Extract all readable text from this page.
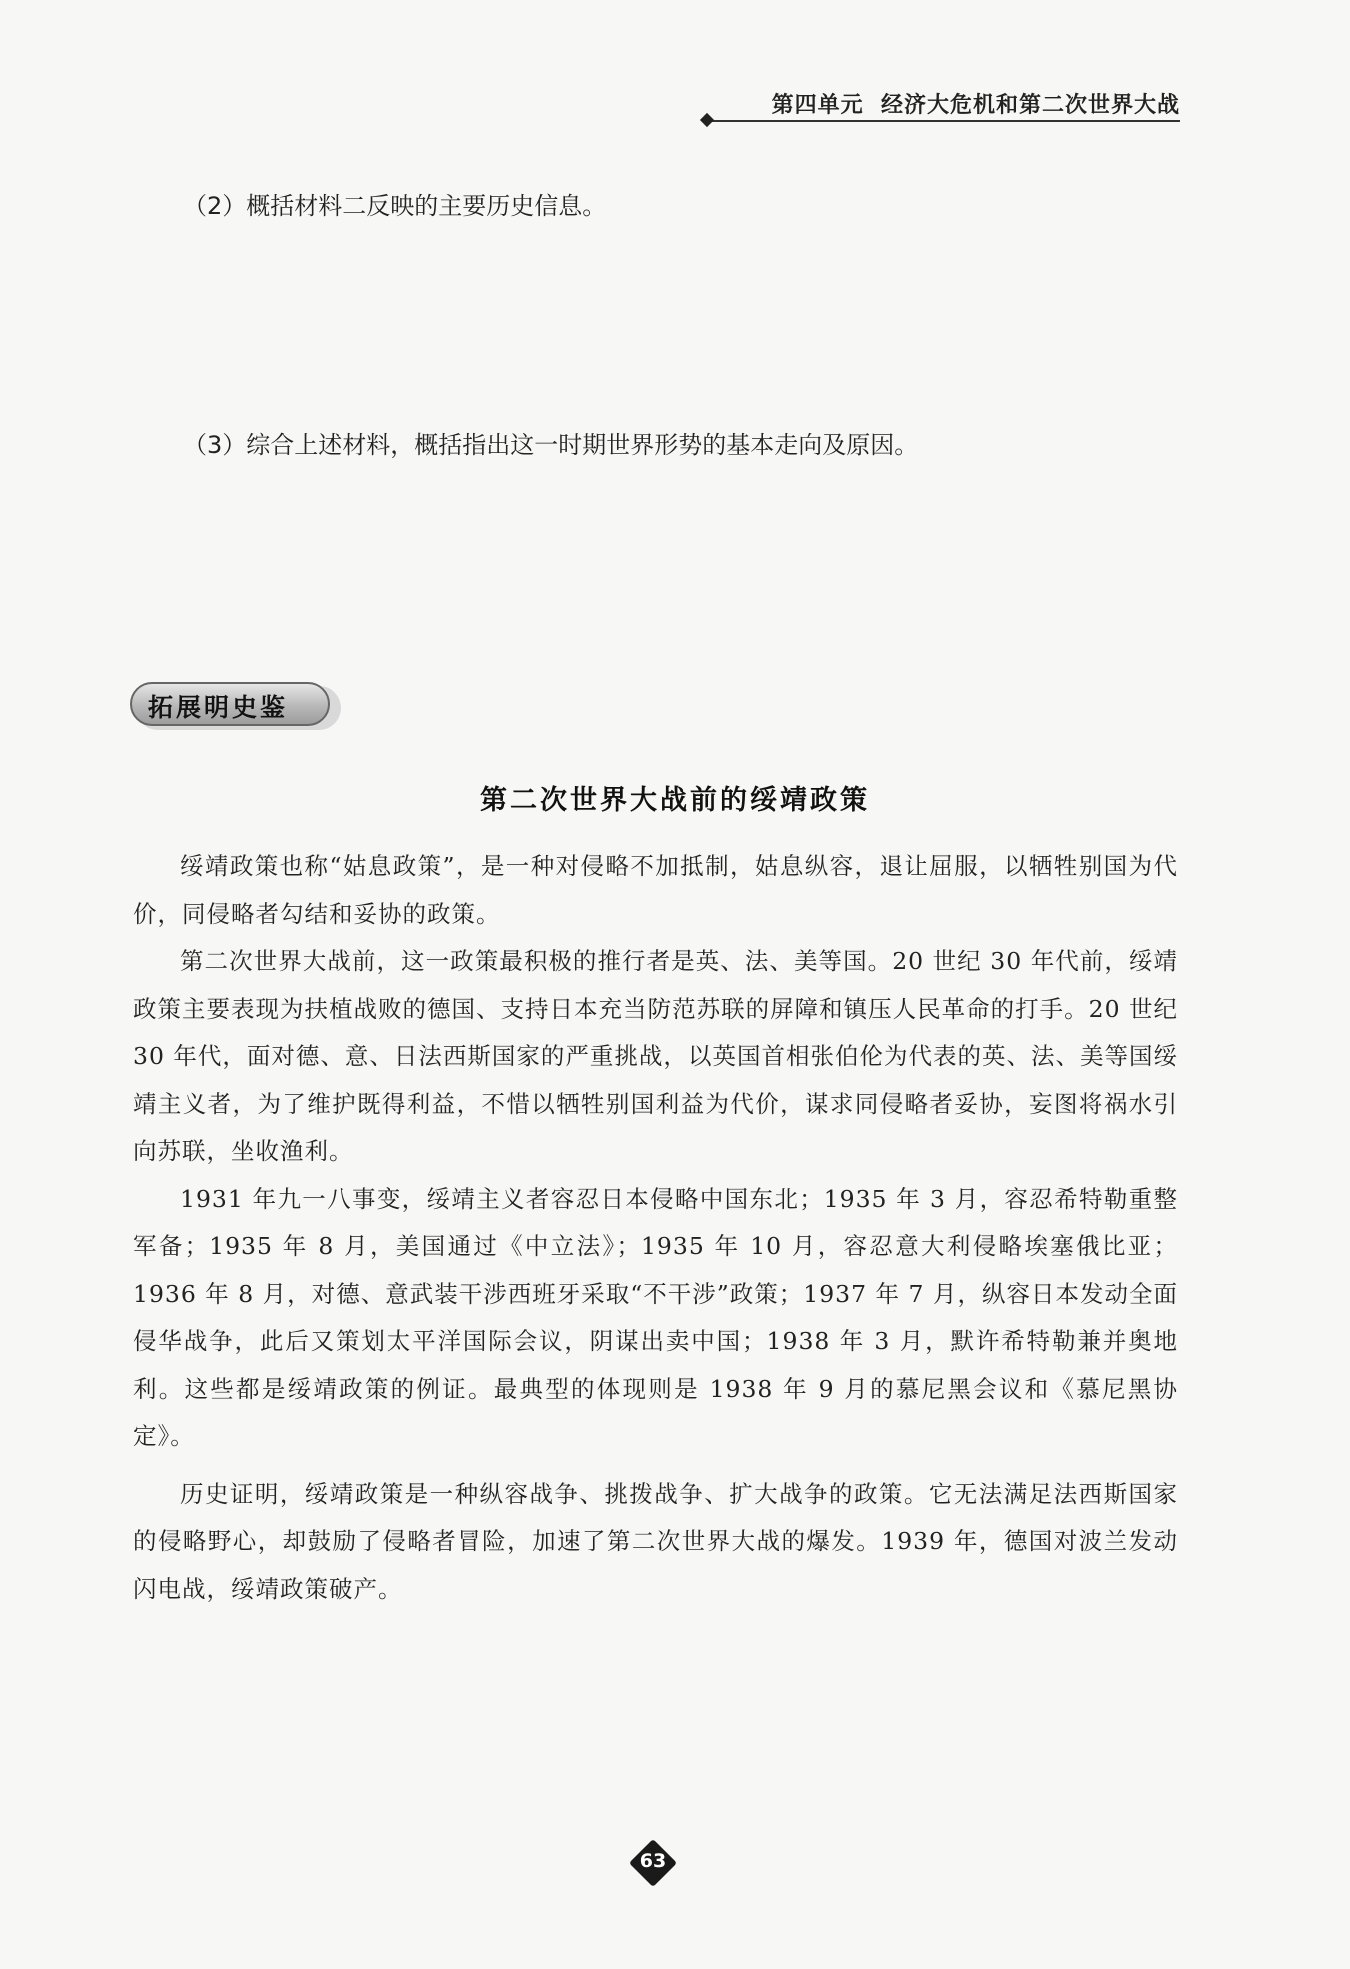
第四单元 经济大危机和第二次世界大战
（2）概括材料二反映的主要历史信息。
（3）综合上述材料，概括指出这一时期世界形势的基本走向及原因。
拓展明史鉴
第二次世界大战前的绥靖政策

绥靖政策也称“姑息政策”，是一种对侵略不加抵制，姑息纵容，退让屈服，以牺牲别国为代价，同侵略者勾结和妥协的政策。

第二次世界大战前，这一政策最积极的推行者是英、法、美等国。20 世纪 30 年代前，绥靖政策主要表现为扶植战败的德国、支持日本充当防范苏联的屏障和镇压人民革命的打手。20 世纪 30 年代，面对德、意、日法西斯国家的严重挑战，以英国首相张伯伦为代表的英、法、美等国绥靖主义者，为了维护既得利益，不惜以牺牲别国利益为代价，谋求同侵略者妥协，妄图将祸水引向苏联，坐收渔利。

1931 年九一八事变，绥靖主义者容忍日本侵略中国东北；1935 年 3 月，容忍希特勒重整军备；1935 年 8 月，美国通过《中立法》；1935 年 10 月，容忍意大利侵略埃塞俄比亚；1936 年 8 月，对德、意武装干涉西班牙采取“不干涉”政策；1937 年 7 月，纵容日本发动全面侵华战争，此后又策划太平洋国际会议，阴谋出卖中国；1938 年 3 月，默许希特勒兼并奥地利。这些都是绥靖政策的例证。最典型的体现则是 1938 年 9 月的慕尼黑会议和《慕尼黑协定》。

历史证明，绥靖政策是一种纵容战争、挑拨战争、扩大战争的政策。它无法满足法西斯国家的侵略野心，却鼓励了侵略者冒险，加速了第二次世界大战的爆发。1939 年，德国对波兰发动闪电战，绥靖政策破产。

63
